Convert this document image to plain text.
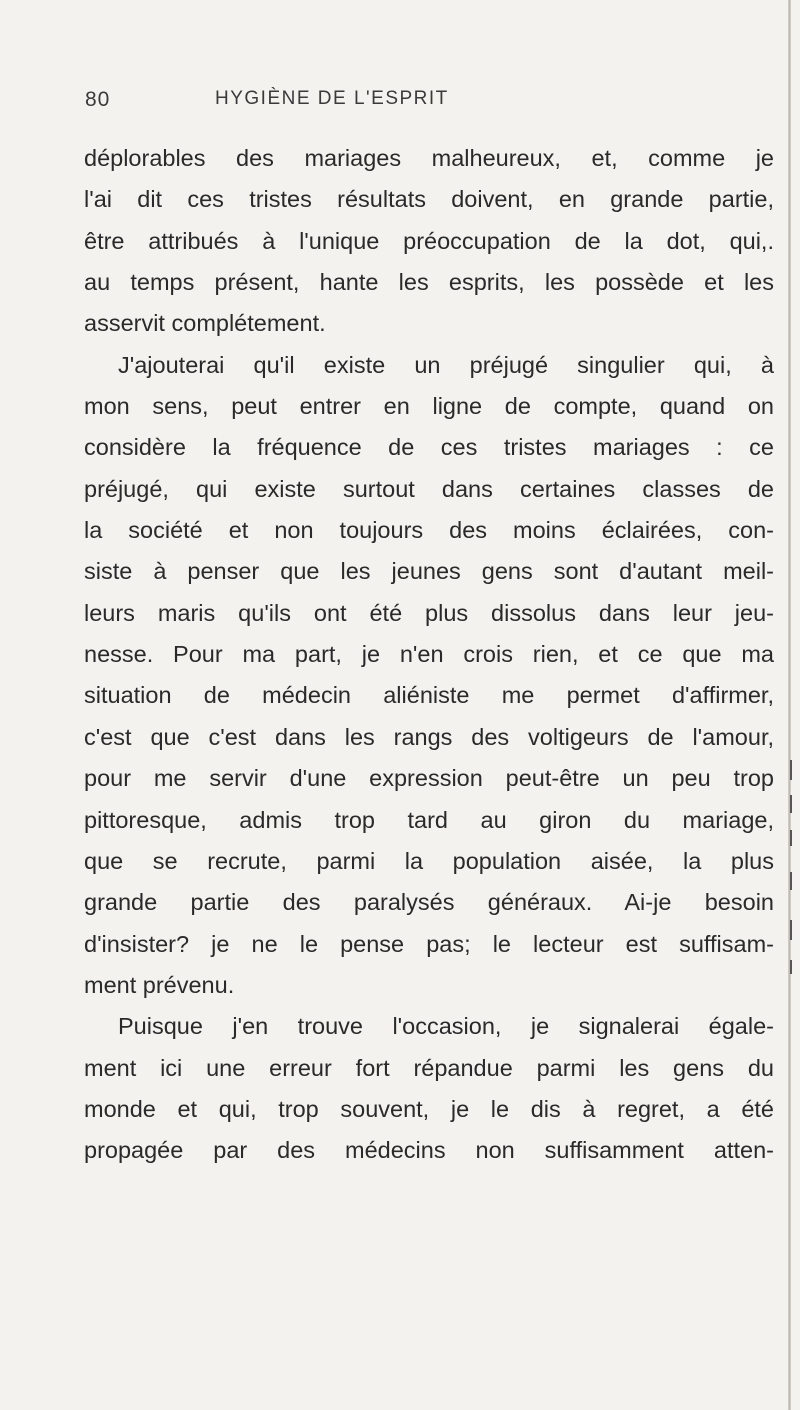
80	HYGIÈNE DE L'ESPRIT
déplorables des mariages malheureux, et, comme je
l'ai dit ces tristes résultats doivent, en grande partie,
être attribués à l'unique préoccupation de la dot, qui,.
au temps présent, hante les esprits, les possède et les
asservit complétement.
J'ajouterai qu'il existe un préjugé singulier qui, à
mon sens, peut entrer en ligne de compte, quand on
considère la fréquence de ces tristes mariages : ce
préjugé, qui existe surtout dans certaines classes de
la société et non toujours des moins éclairées, con-
siste à penser que les jeunes gens sont d'autant meil-
leurs maris qu'ils ont été plus dissolus dans leur jeu-
nesse. Pour ma part, je n'en crois rien, et ce que ma
situation de médecin aliéniste me permet d'affirmer,
c'est que c'est dans les rangs des voltigeurs de l'amour,
pour me servir d'une expression peut-être un peu trop
pittoresque, admis trop tard au giron du mariage,
que se recrute, parmi la population aisée, la plus
grande partie des paralysés généraux. Ai-je besoin
d'insister? je ne le pense pas; le lecteur est suffisam-
ment prévenu.
Puisque j'en trouve l'occasion, je signalerai égale-
ment ici une erreur fort répandue parmi les gens du
monde et qui, trop souvent, je le dis à regret, a été
propagée par des médecins non suffisamment atten-
